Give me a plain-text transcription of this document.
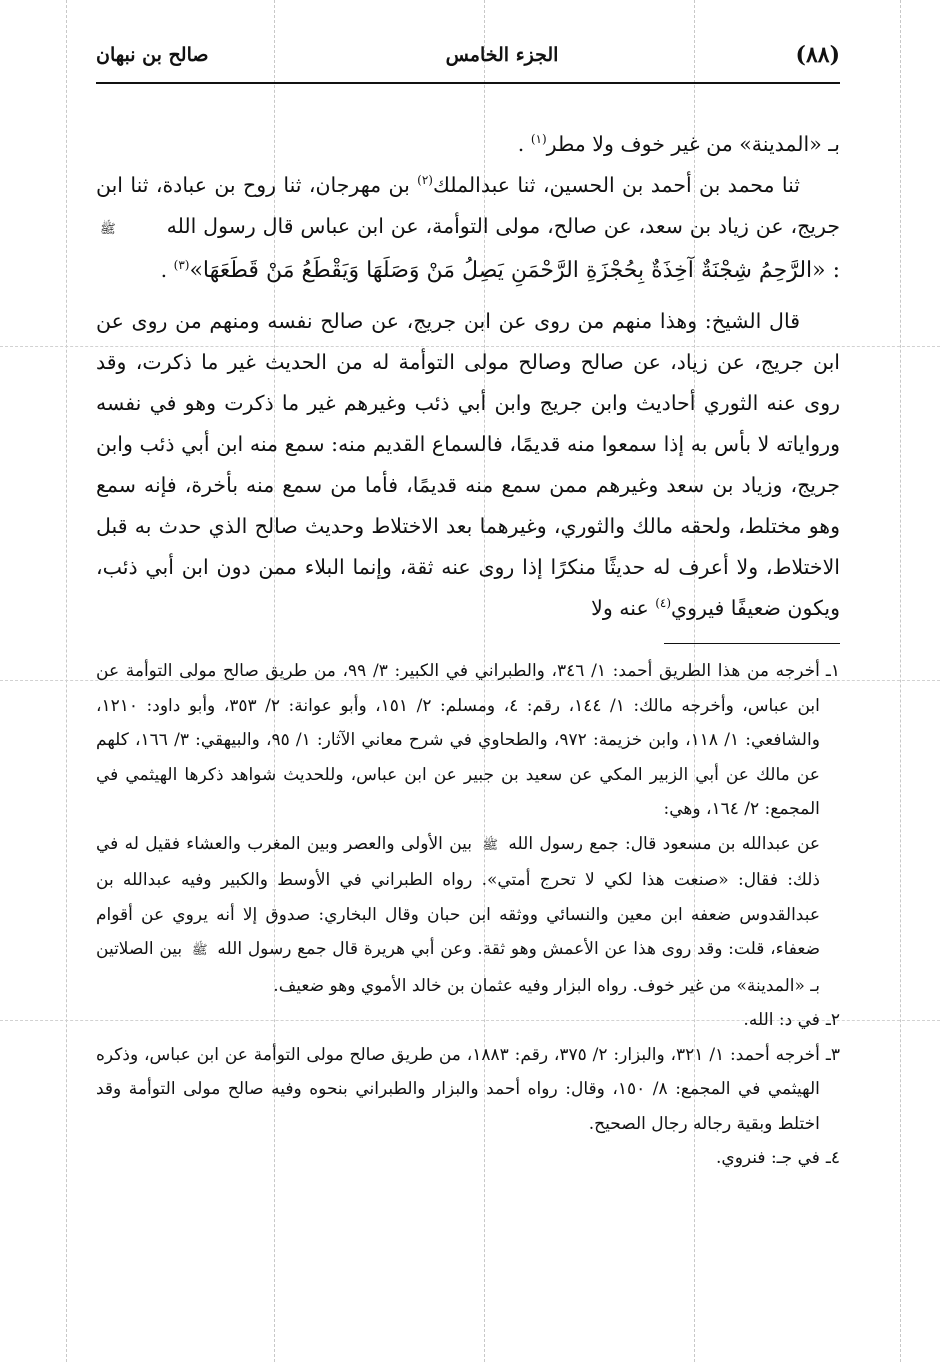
(٨٨)
الجزء الخامس
صالح بن نبهان

بـ «المدينة» من غير خوف ولا مطر$^{(١)}$ .

ثنا محمد بن أحمد بن الحسين، ثنا عبدالملك$^{(٢)}$ بن مهرجان، ثنا روح بن عبادة، ثنا ابن جريج، عن زياد بن سعد، عن صالح، مولى التوأمة، عن ابن عباس قال رسول الله ﷺ : «الرَّحِمُ شِجْنَةٌ آخِذَةٌ بِحُجْزَةِ الرَّحْمَنِ يَصِلُ مَنْ وَصَلَهَا وَيَقْطَعُ مَنْ قَطَعَهَا»$^{(٣)}$ .

قال الشيخ: وهذا منهم من روى عن ابن جريج، عن صالح نفسه ومنهم من روى عن ابن جريج، عن زياد، عن صالح وصالح مولى التوأمة له من الحديث غير ما ذكرت، وقد روى عنه الثوري أحاديث وابن جريج وابن أبي ذئب وغيرهم غير ما ذكرت وهو في نفسه ورواياته لا بأس به إذا سمعوا منه قديمًا، فالسماع القديم منه: سمع منه ابن أبي ذئب وابن جريج، وزياد بن سعد وغيرهم ممن سمع منه قديمًا، فأما من سمع منه بأخرة، فإنه سمع وهو مختلط، ولحقه مالك والثوري، وغيرهما بعد الاختلاط وحديث صالح الذي حدث به قبل الاختلاط، ولا أعرف له حديثًا منكرًا إذا روى عنه ثقة، وإنما البلاء ممن دون ابن أبي ذئب، ويكون ضعيفًا فيروي$^{(٤)}$ عنه ولا

١ـ
أخرجه من هذا الطريق أحمد: ١/ ٣٤٦، والطبراني في الكبير: ٣/ ٩٩، من طريق صالح مولى التوأمة عن ابن عباس، وأخرجه مالك: ١/ ١٤٤، رقم: ٤، ومسلم: ٢/ ١٥١، وأبو عوانة: ٢/ ٣٥٣، وأبو داود: ١٢١٠، والشافعي: ١/ ١١٨، وابن خزيمة: ٩٧٢، والطحاوي في شرح معاني الآثار: ١/ ٩٥، والبيهقي: ٣/ ١٦٦، كلهم عن مالك عن أبي الزبير المكي عن سعيد بن جبير عن ابن عباس، وللحديث شواهد ذكرها الهيثمي في المجمع: ٢/ ١٦٤، وهي:
عن عبدالله بن مسعود قال: جمع رسول الله ﷺ بين الأولى والعصر وبين المغرب والعشاء فقيل له في ذلك: فقال: «صنعت هذا لكي لا تحرج أمتي». رواه الطبراني في الأوسط والكبير وفيه عبدالله بن عبدالقدوس ضعفه ابن معين والنسائي ووثقه ابن حبان وقال البخاري: صدوق إلا أنه يروي عن أقوام ضعفاء، قلت: وقد روى هذا عن الأعمش وهو ثقة. وعن أبي هريرة قال جمع رسول الله ﷺ بين الصلاتين بـ «المدينة» من غير خوف. رواه البزار وفيه عثمان بن خالد الأموي وهو ضعيف.
٢ـ
في د: الله.
٣ـ
أخرجه أحمد: ١/ ٣٢١، والبزار: ٢/ ٣٧٥، رقم: ١٨٨٣، من طريق صالح مولى التوأمة عن ابن عباس، وذكره الهيثمي في المجمع: ٨/ ١٥٠، وقال: رواه أحمد والبزار والطبراني بنحوه وفيه صالح مولى التوأمة وقد اختلط وبقية رجاله رجال الصحيح.
٤ـ
في جـ: فنروي.
